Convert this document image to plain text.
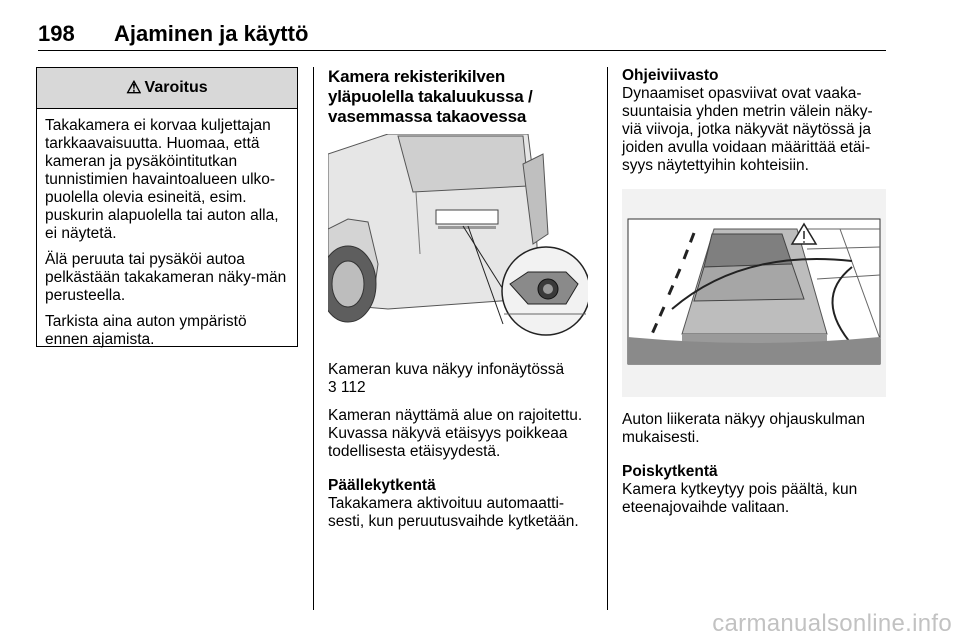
198 Ajaminen ja käyttö
⚠ Varoitus

Takakamera ei korvaa kuljettajan tarkkaavaisuutta. Huomaa, että kameran ja pysäköintitutkan tunnistimien havaintoalueen ulko-puolella olevia esineitä, esim. puskurin alapuolella tai auton alla, ei näytetä.

Älä peruuta tai pysäköi autoa pelkästään takakameran näky-män perusteella.

Tarkista aina auton ympäristö ennen ajamista.

Kamera rekisterikilven yläpuolella takaluukussa / vasemmassa takaovessa

Kameran kuva näkyy infonäytössä

3 112

Kameran näyttämä alue on rajoitettu. Kuvassa näkyvä etäisyys poikkeaa todellisesta etäisyydestä.

Päällekytkentä

Takakamera aktivoituu automaatti-sesti, kun peruutusvaihde kytketään.

Ohjeiviivasto

Dynaamiset opasviivat ovat vaaka-suuntaisia yhden metrin välein näky-viä viivoja, jotka näkyvät näytössä ja joiden avulla voidaan määrittää etäi-syys näytettyihin kohteisiin.

Auton liikerata näkyy ohjauskulman mukaisesti.

Poiskytkentä

Kamera kytkeytyy pois päältä, kun eteenajovaihde valitaan.

carmanualsonline.info
